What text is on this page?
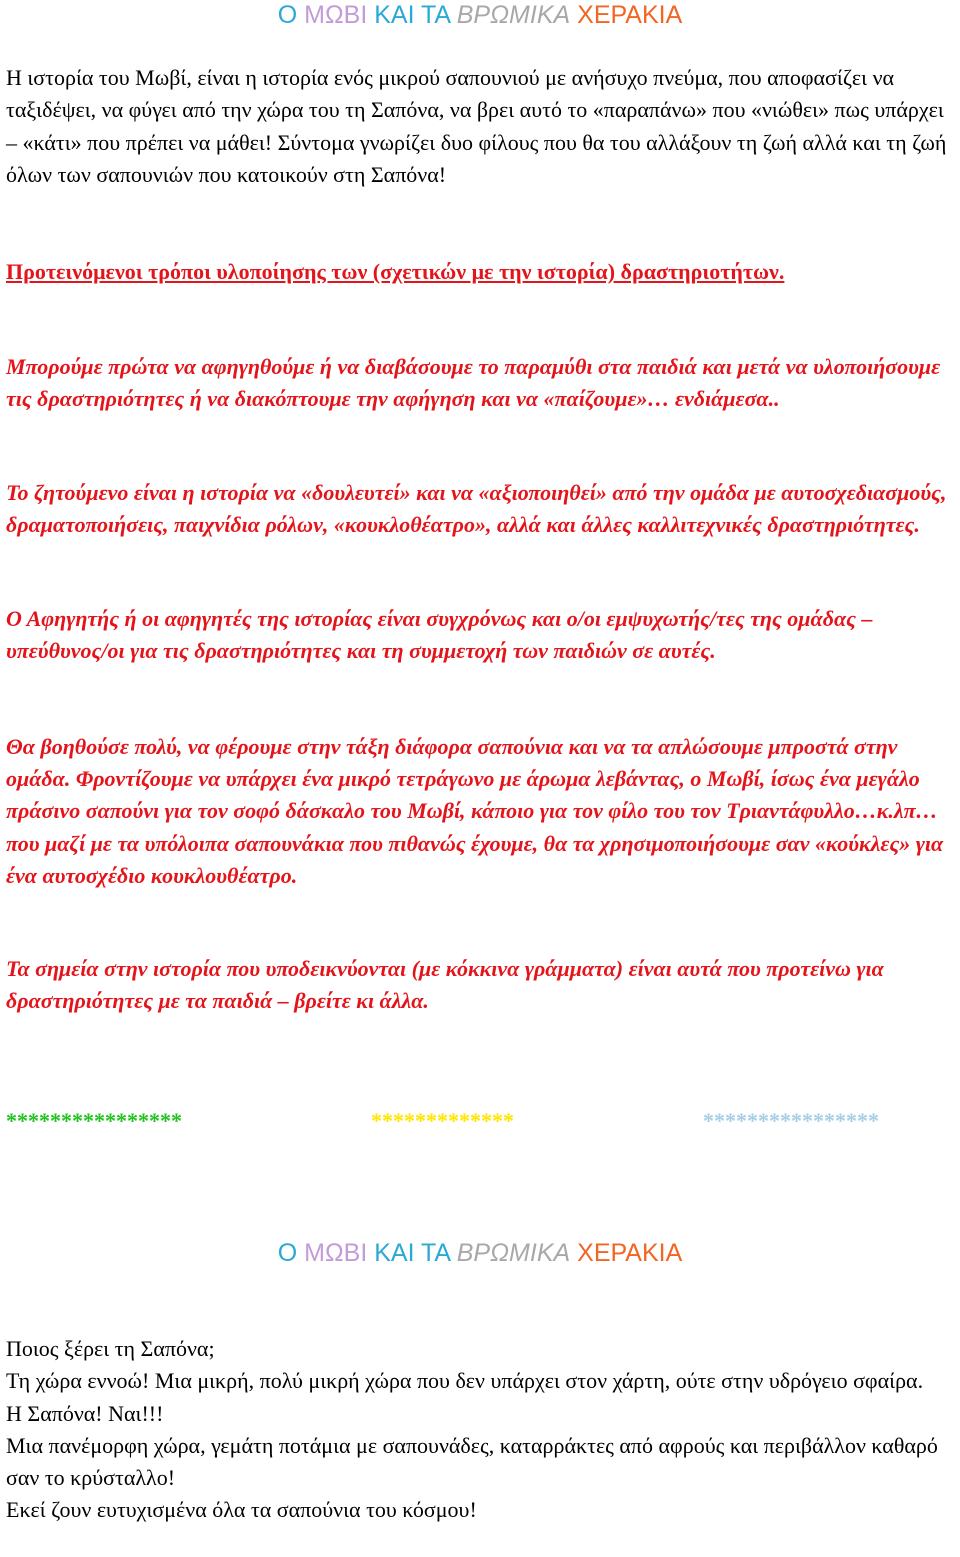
Ο ΜΩΒΙ ΚΑΙ ΤΑ ΒΡΩΜΙΚΑ ΧΕΡΑΚΙΑ

Η ιστορία του Μωβί, είναι η ιστορία ενός μικρού σαπουνιού με ανήσυχο πνεύμα, που αποφασίζει να ταξιδέψει, να φύγει από την χώρα του τη Σαπόνα, να βρει αυτό το «παραπάνω» που «νιώθει» πως υπάρχει – «κάτι» που πρέπει να μάθει! Σύντομα γνωρίζει δυο φίλους που θα του αλλάξουν τη ζωή αλλά και τη ζωή όλων των σαπουνιών που κατοικούν στη Σαπόνα!

Προτεινόμενοι τρόποι υλοποίησης των (σχετικών με την ιστορία) δραστηριοτήτων.

Μπορούμε πρώτα να αφηγηθούμε ή να διαβάσουμε το παραμύθι στα παιδιά και μετά να υλοποιήσουμε τις δραστηριότητες ή να διακόπτουμε την αφήγηση και να «παίζουμε»… ενδιάμεσα..

Το ζητούμενο είναι η ιστορία να «δουλευτεί» και να «αξιοποιηθεί» από την ομάδα με αυτοσχεδιασμούς, δραματοποιήσεις, παιχνίδια ρόλων, «κουκλοθέατρο», αλλά και άλλες καλλιτεχνικές δραστηριότητες.

Ο Αφηγητής ή οι αφηγητές της ιστορίας είναι συγχρόνως και ο/οι εμψυχωτής/τες της ομάδας – υπεύθυνος/οι για τις δραστηριότητες και τη συμμετοχή των παιδιών σε αυτές.

Θα βοηθούσε πολύ, να φέρουμε στην τάξη διάφορα σαπούνια και να τα απλώσουμε μπροστά στην ομάδα. Φροντίζουμε να υπάρχει ένα μικρό τετράγωνο με άρωμα λεβάντας, ο Μωβί, ίσως ένα μεγάλο πράσινο σαπούνι για τον σοφό δάσκαλο του Μωβί, κάποιο για τον φίλο του τον Τριαντάφυλλο…κ.λπ… που μαζί με τα υπόλοιπα σαπουνάκια που πιθανώς έχουμε, θα τα χρησιμοποιήσουμε σαν «κούκλες» για ένα αυτοσχέδιο κουκλουθέατρο.

Τα σημεία στην ιστορία που υποδεικνύονται (με κόκκινα γράμματα) είναι αυτά που προτείνω για δραστηριότητες με τα παιδιά – βρείτε κι άλλα.

****************	*************	****************
Ο ΜΩΒΙ ΚΑΙ ΤΑ ΒΡΩΜΙΚΑ ΧΕΡΑΚΙΑ
Ποιος ξέρει τη Σαπόνα;
Τη χώρα εννοώ! Μια μικρή, πολύ μικρή χώρα που δεν υπάρχει στον χάρτη, ούτε στην υδρόγειο σφαίρα.
Η Σαπόνα! Ναι!!!
Μια πανέμορφη χώρα, γεμάτη ποτάμια με σαπουνάδες, καταρράκτες από αφρούς και περιβάλλον καθαρό σαν το κρύσταλλο!
Εκεί ζουν ευτυχισμένα όλα τα σαπούνια του κόσμου!
